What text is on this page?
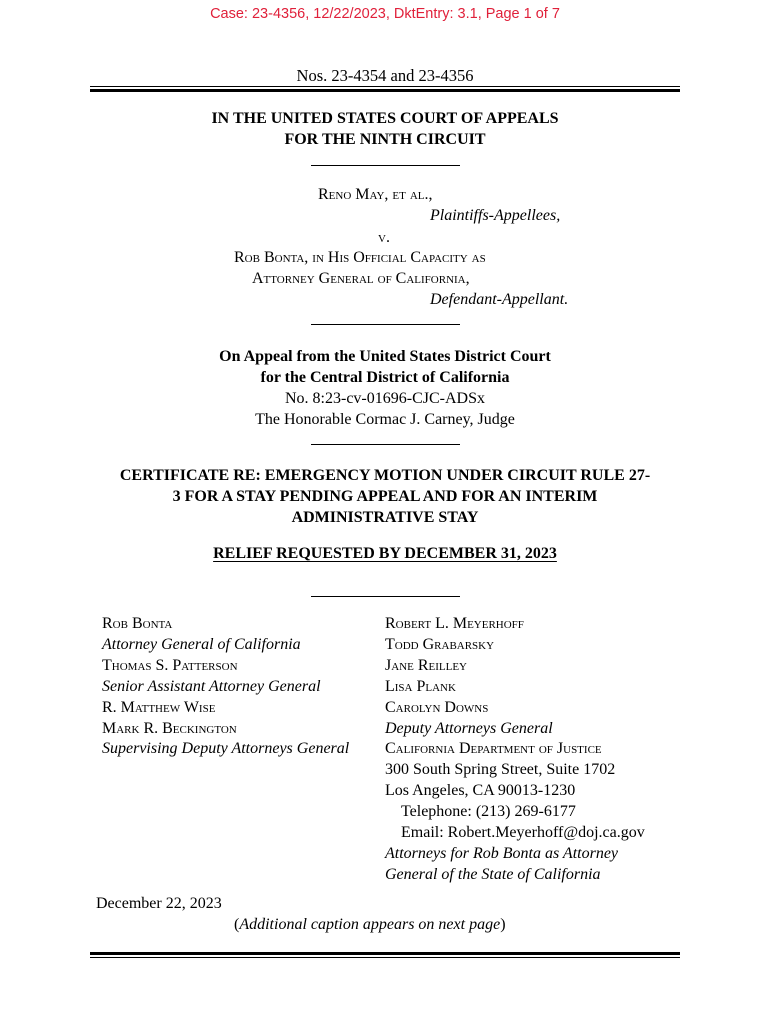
Case: 23-4356, 12/22/2023, DktEntry: 3.1, Page 1 of 7
Nos. 23-4354 and 23-4356
IN THE UNITED STATES COURT OF APPEALS
FOR THE NINTH CIRCUIT
Reno May, et al.,
Plaintiffs-Appellees,
v.
Rob Bonta, in His Official Capacity as
Attorney General of California,
Defendant-Appellant.
On Appeal from the United States District Court
for the Central District of California
No. 8:23-cv-01696-CJC-ADSx
The Honorable Cormac J. Carney, Judge
CERTIFICATE RE: EMERGENCY MOTION UNDER CIRCUIT RULE 27-
3 FOR A STAY PENDING APPEAL AND FOR AN INTERIM
ADMINISTRATIVE STAY
RELIEF REQUESTED BY DECEMBER 31, 2023
Rob Bonta
Attorney General of California
Thomas S. Patterson
Senior Assistant Attorney General
R. Matthew Wise
Mark R. Beckington
Supervising Deputy Attorneys General
Robert L. Meyerhoff
Todd Grabarsky
Jane Reilley
Lisa Plank
Carolyn Downs
Deputy Attorneys General
California Department of Justice
300 South Spring Street, Suite 1702
Los Angeles, CA 90013-1230
Telephone: (213) 269-6177
Email: Robert.Meyerhoff@doj.ca.gov
Attorneys for Rob Bonta as Attorney
General of the State of California
December 22, 2023
(Additional caption appears on next page)
